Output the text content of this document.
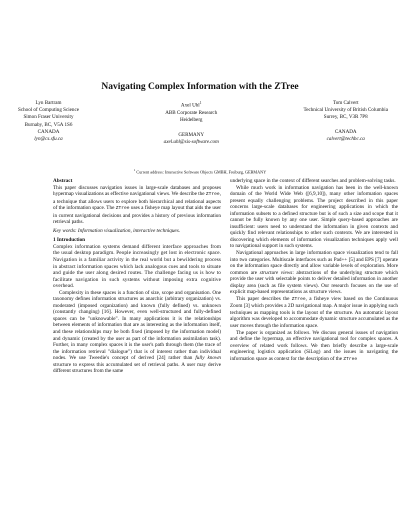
Navigating Complex Information with the ZTree
Lyn Bartram
School of Computing Science
Simon Fraser University
Burnaby, BC, V5A 1S6
CANADA
lyn@cs.sfu.ca
Axel Uhl$^1$
ABB Corporate Research
Heidelberg

GERMANY
axel.uhl@sis-software.com
Tom Calvert
Technical University of British Columbia
Surrey, BC, V3R 7P8

CANADA
calvert@techbc.ca
$^1$ Current address: Interactive Software Objects GMBH, Freiburg, GERMANY

Abstract

This paper discusses navigation issues in large-scale databases and proposes hypermap visualizations as effective navigational views. We describe the ZTree, a technique that allows users to explore both hierarchical and relational aspects of the information space. The ZTree uses a fisheye map layout that aids the user in current navigational decisions and provides a history of previous information retrieval paths.

Key words: Information visualization, interactive techniques.

1 Introduction

Complex information systems demand different interface approaches from the usual desktop paradigm. People increasingly get lost in electronic space. Navigation is a familiar activity in the real world but a bewildering process in abstract information spaces which lack analogous cues and tools to situate and guide the user along desired routes. The challenge facing us is how to facilitate navigation in such systems without imposing extra cognitive overhead.

Complexity in these spaces is a function of size, scope and organisation. One taxonomy defines information structures as anarchic (arbitrary organization) vs. moderated (imposed organization) and known (fully defined) vs. unknown (constantly changing) [16]. However, even well-structured and fully-defined spaces can be "unknowable". In many applications it is the relationships between elements of information that are as interesting as the information itself, and these relationships may be both fixed (imposed by the information model) and dynamic (created by the user as part of the information assimilation task). Further, in many complex spaces it is the user's path through them (the trace of the information retrieval "dialogue") that is of interest rather than individual nodes. We use Tweedie's concept of derived [24] rather than fully known structure to express this accumulated set of retrieval paths. A user may derive different structures from the same

underlying space in the context of different searches and problem-solving tasks.

While much work in information navigation has been in the well-known domain of the World Wide Web ([6,9,10]), many other information spaces present equally challenging problems. The project described in this paper concerns large-scale databases for engineering applications in which the information subsets to a defined structure but is of such a size and scope that it cannot be fully known by any one user. Simple query-based approaches are insufficient: users need to understand the information in given contexts and quickly find relevant relationships to other such contexts. We are interested in discovering which elements of information visualization techniques apply well to navigational support in such systems.

Navigational approaches in large information space visualization tend to fall into two categories. Multiscale interfaces such as Pad++ [5] and EPS [7] operate on the information space directly and allow variable levels of exploration. More common are structure views: abstractions of the underlying structure which provide the user with selectable points to deliver detailed information in another display area (such as file system views). Our research focuses on the use of explicit map-based representations as structure views.

This paper describes the ZTree, a fisheye view based on the Continuous Zoom [3] which provides a 2D navigational map. A major issue in applying such techniques as mapping tools is the layout of the structure. An automatic layout algorithm was developed to accommodate dynamic structure accumulated as the user moves through the information space.

The paper is organized as follows. We discuss general issues of navigation and define the hypermap, an effective navigational tool for complex spaces. A overview of related work follows. We then briefly describe a large-scale engineering logistics application (SiLog) and the issues in navigating the information space as context for the description of the ZTree
